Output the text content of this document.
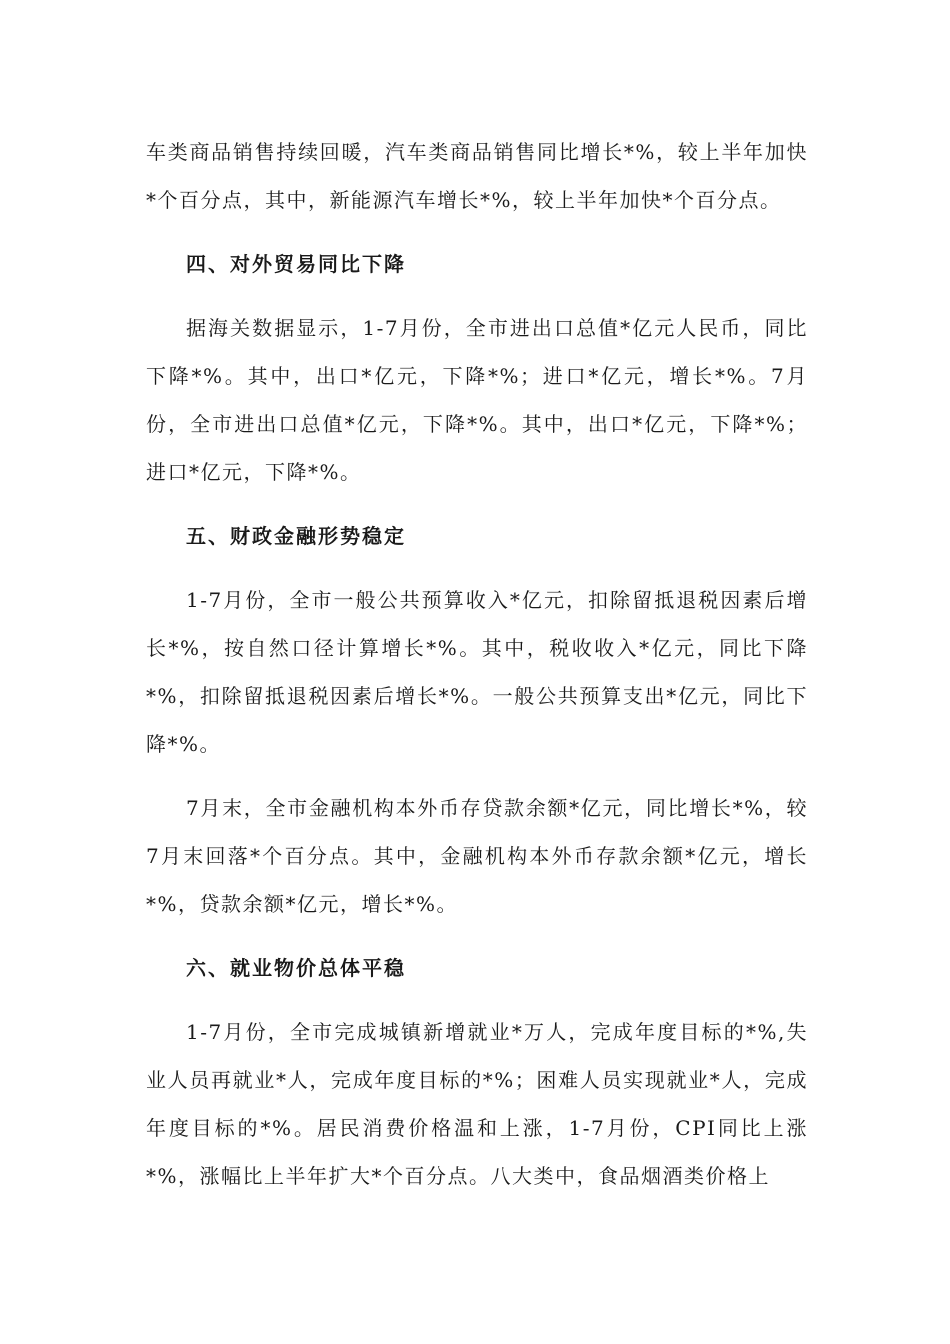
车类商品销售持续回暖，汽车类商品销售同比增长*%，较上半年加快*个百分点，其中，新能源汽车增长*%，较上半年加快*个百分点。

四、对外贸易同比下降

据海关数据显示，1-7月份，全市进出口总值*亿元人民币，同比下降*%。其中，出口*亿元，下降*%；进口*亿元，增长*%。7月份，全市进出口总值*亿元，下降*%。其中，出口*亿元，下降*%；进口*亿元，下降*%。

五、财政金融形势稳定

1-7月份，全市一般公共预算收入*亿元，扣除留抵退税因素后增长*%，按自然口径计算增长*%。其中，税收收入*亿元，同比下降*%，扣除留抵退税因素后增长*%。一般公共预算支出*亿元，同比下降*%。

7月末，全市金融机构本外币存贷款余额*亿元，同比增长*%，较7月末回落*个百分点。其中，金融机构本外币存款余额*亿元，增长*%，贷款余额*亿元，增长*%。

六、就业物价总体平稳

1-7月份，全市完成城镇新增就业*万人，完成年度目标的*%,失业人员再就业*人，完成年度目标的*%；困难人员实现就业*人，完成年度目标的*%。居民消费价格温和上涨，1-7月份，CPI同比上涨*%，涨幅比上半年扩大*个百分点。八大类中，食品烟酒类价格上
